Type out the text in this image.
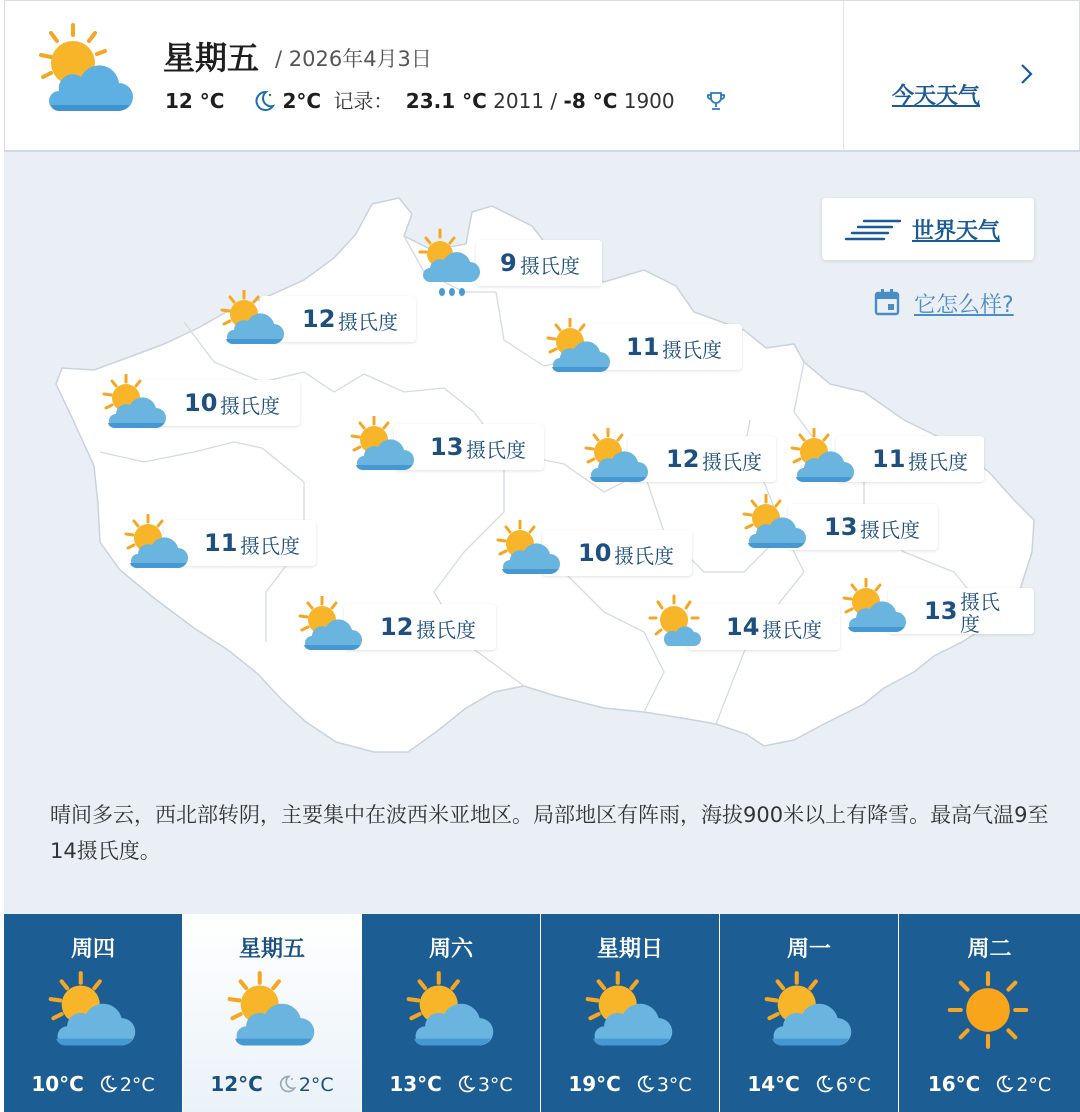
星期五 / 2026年4月3日
12 °C	2°C 记录： 23.1 °C 2011 / -8 °C 1900	今天天气
世界天气
它怎么样?
9 摄氏度
12 摄氏度
11 摄氏度
10 摄氏度
13 摄氏度	12 摄氏度	11 摄氏度
13 摄氏度
11 摄氏度	10 摄氏度
12 摄氏度	14 摄氏度
13 摄氏
度

晴间多云，西北部转阴，主要集中在波西米亚地区。局部地区有阵雨，海拔900米以上有降雪。最高气温9至14摄氏度。

周四
10°C 2°C
星期五
12°C 2°C
周六
13°C 3°C
星期日
19°C 3°C
周一
14°C 6°C
周二
16°C 2°C
